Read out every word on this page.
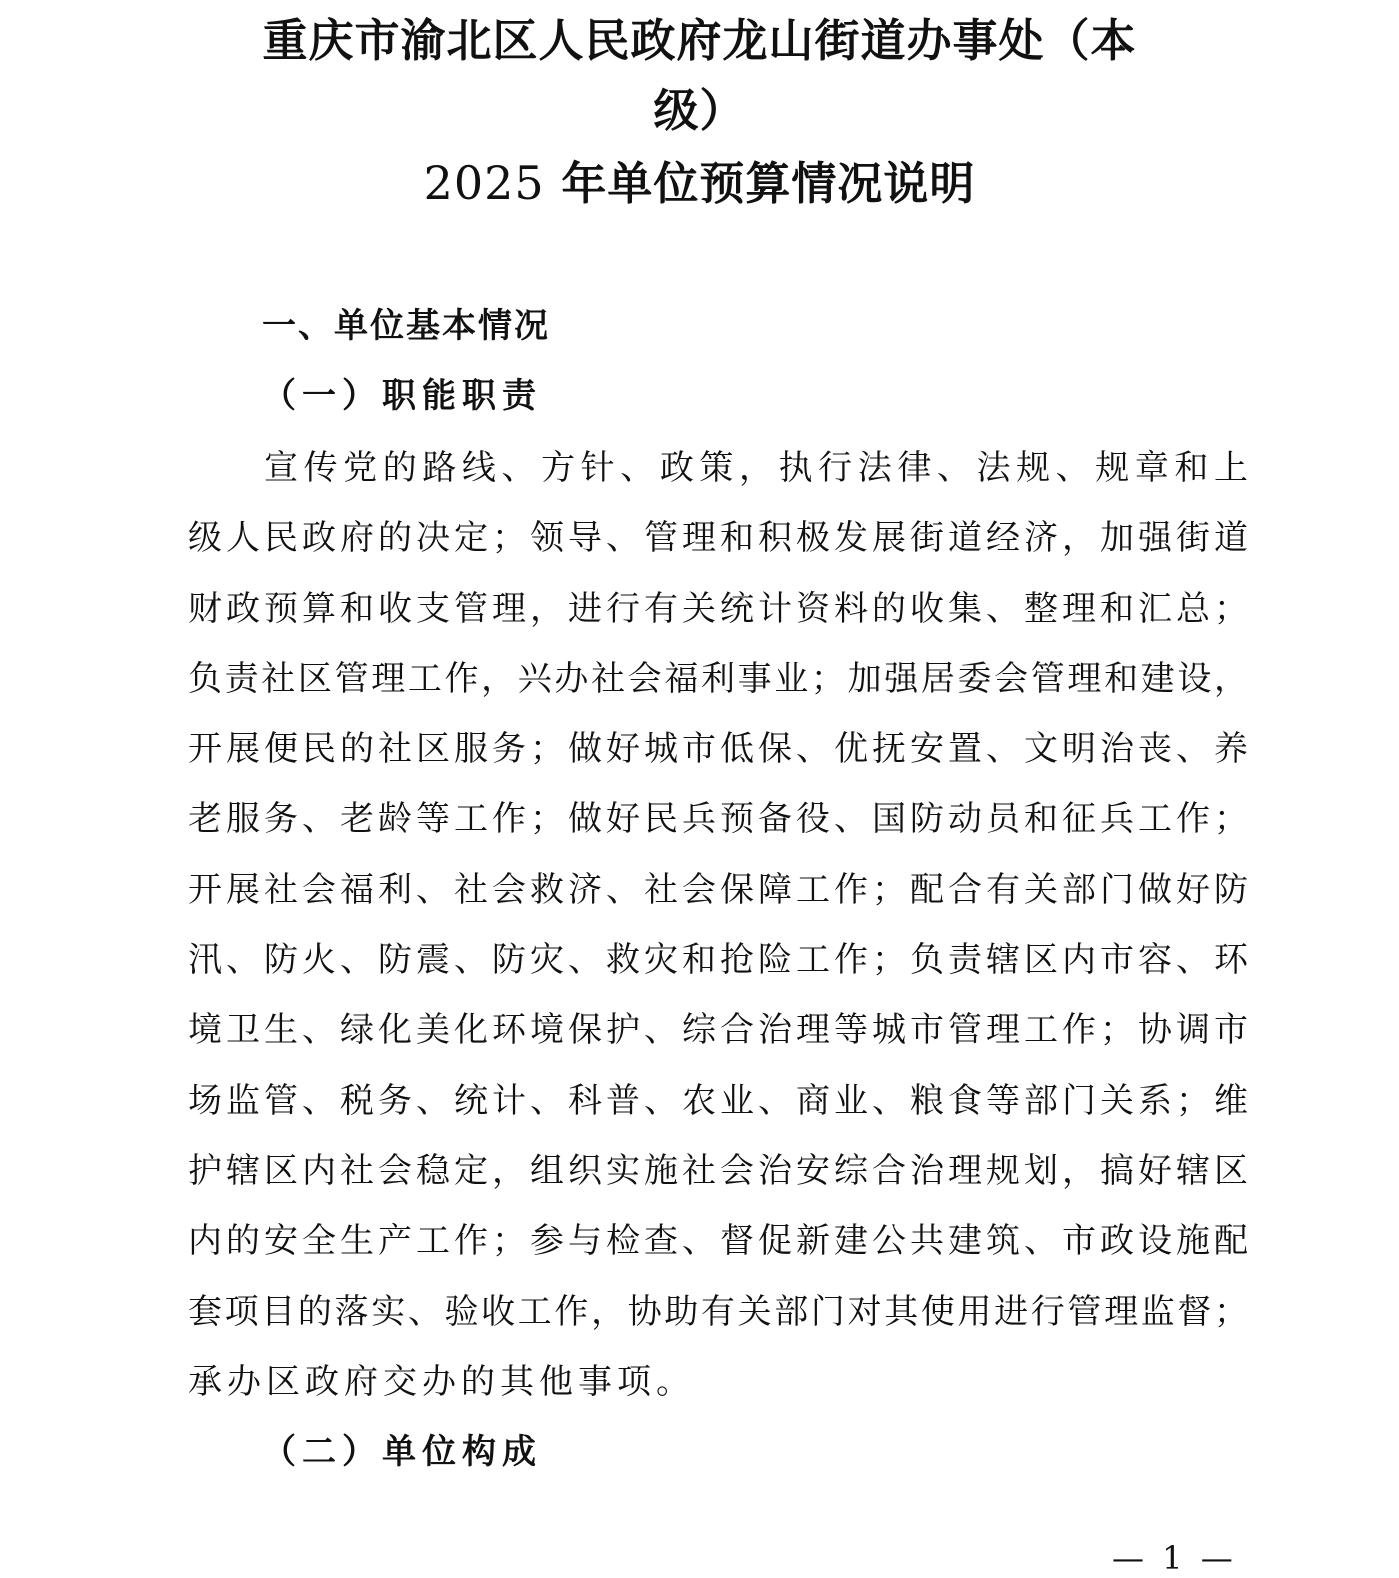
重庆市渝北区人民政府龙山街道办事处（本
级）
2025 年单位预算情况说明
一、单位基本情况
（一）职能职责
宣传党的路线、方针、政策，执行法律、法规、规章和上
级人民政府的决定；领导、管理和积极发展街道经济，加强街道
财政预算和收支管理，进行有关统计资料的收集、整理和汇总；
负责社区管理工作，兴办社会福利事业；加强居委会管理和建设，
开展便民的社区服务；做好城市低保、优抚安置、文明治丧、养
老服务、老龄等工作；做好民兵预备役、国防动员和征兵工作；
开展社会福利、社会救济、社会保障工作；配合有关部门做好防
汛、防火、防震、防灾、救灾和抢险工作；负责辖区内市容、环
境卫生、绿化美化环境保护、综合治理等城市管理工作；协调市
场监管、税务、统计、科普、农业、商业、粮食等部门关系；维
护辖区内社会稳定，组织实施社会治安综合治理规划，搞好辖区
内的安全生产工作；参与检查、督促新建公共建筑、市政设施配
套项目的落实、验收工作，协助有关部门对其使用进行管理监督；
承办区政府交办的其他事项。
（二）单位构成
— 1 —
